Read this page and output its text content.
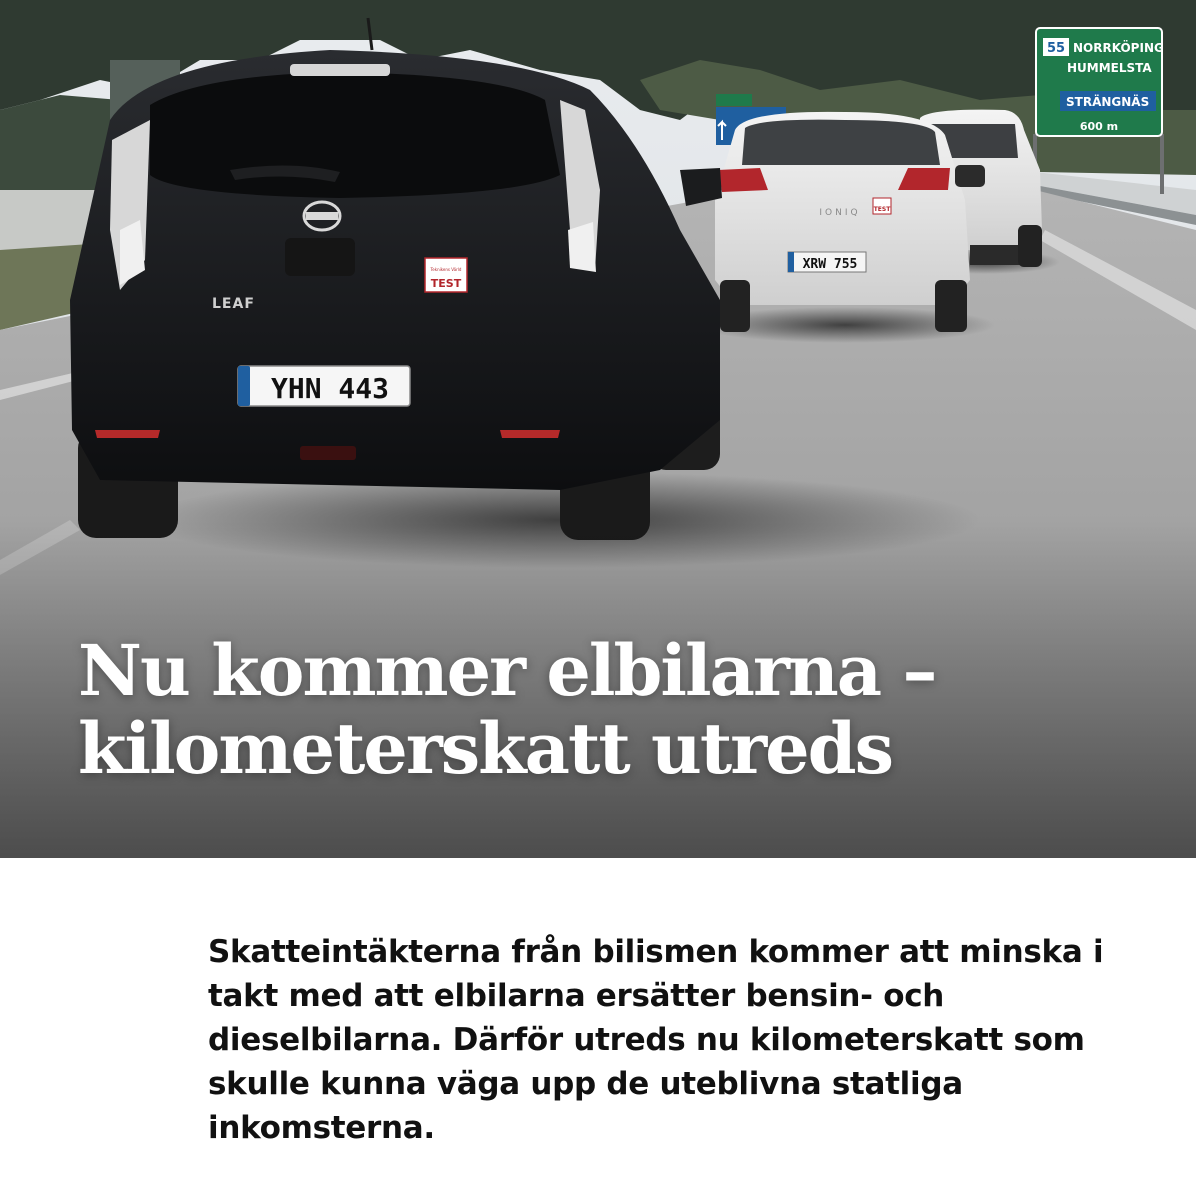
55 NORRKÖPING
HUMMELSTA
STRÄNGNÄS
600 m
IONIQ TEST
XRW 755
LEAF
Teknikens Värld
TEST
YHN 443
Nu kommer elbilarna –
kilometerskatt utreds

Skatteintäkterna från bilismen kommer att minska i takt med att elbilarna ersätter bensin- och dieselbilarna. Därför utreds nu kilometerskatt som skulle kunna väga upp de uteblivna statliga inkomsterna.
